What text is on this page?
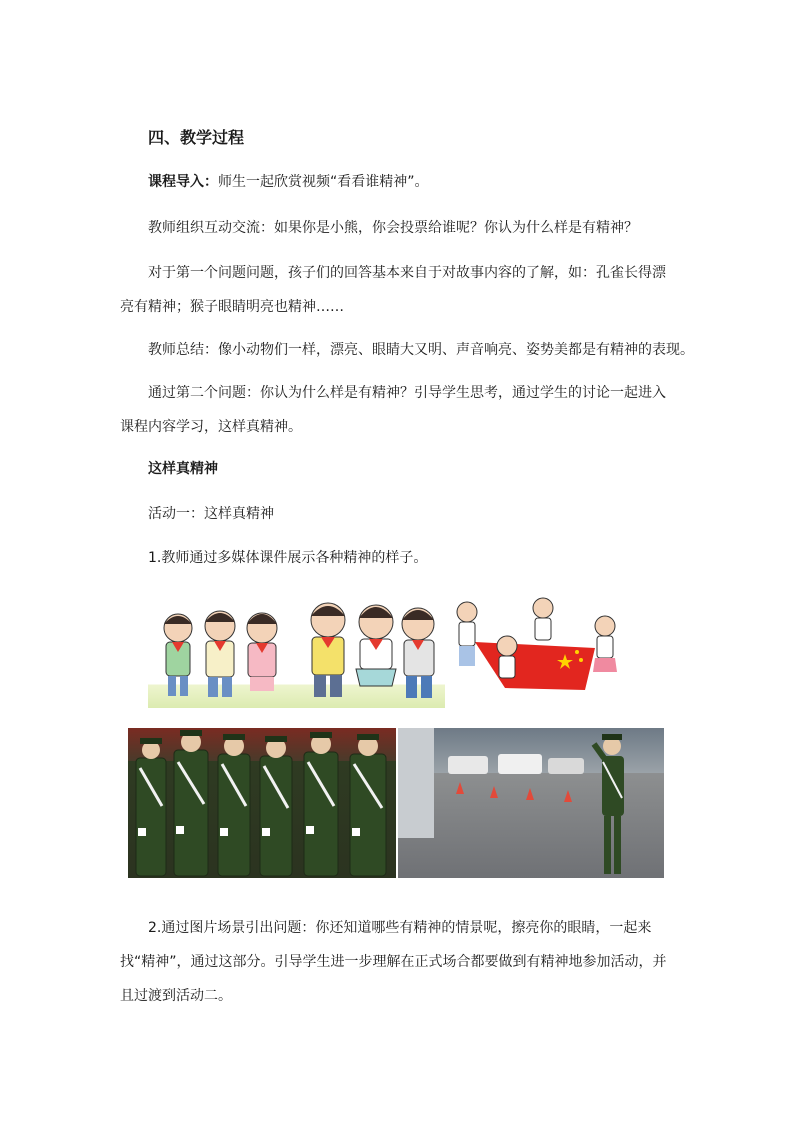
四、教学过程
课程导入：师生一起欣赏视频“看看谁精神”。
教师组织互动交流：如果你是小熊，你会投票给谁呢？你认为什么样是有精神？
对于第一个问题问题，孩子们的回答基本来自于对故事内容的了解，如：孔雀长得漂亮有精神；猴子眼睛明亮也精神……
教师总结：像小动物们一样，漂亮、眼睛大又明、声音响亮、姿势美都是有精神的表现。
通过第二个问题：你认为什么样是有精神？引导学生思考，通过学生的讨论一起进入课程内容学习，这样真精神。
这样真精神
活动一：这样真精神
1.教师通过多媒体课件展示各种精神的样子。
2.通过图片场景引出问题：你还知道哪些有精神的情景呢，擦亮你的眼睛，一起来找“精神”，通过这部分。引导学生进一步理解在正式场合都要做到有精神地参加活动，并且过渡到活动二。
